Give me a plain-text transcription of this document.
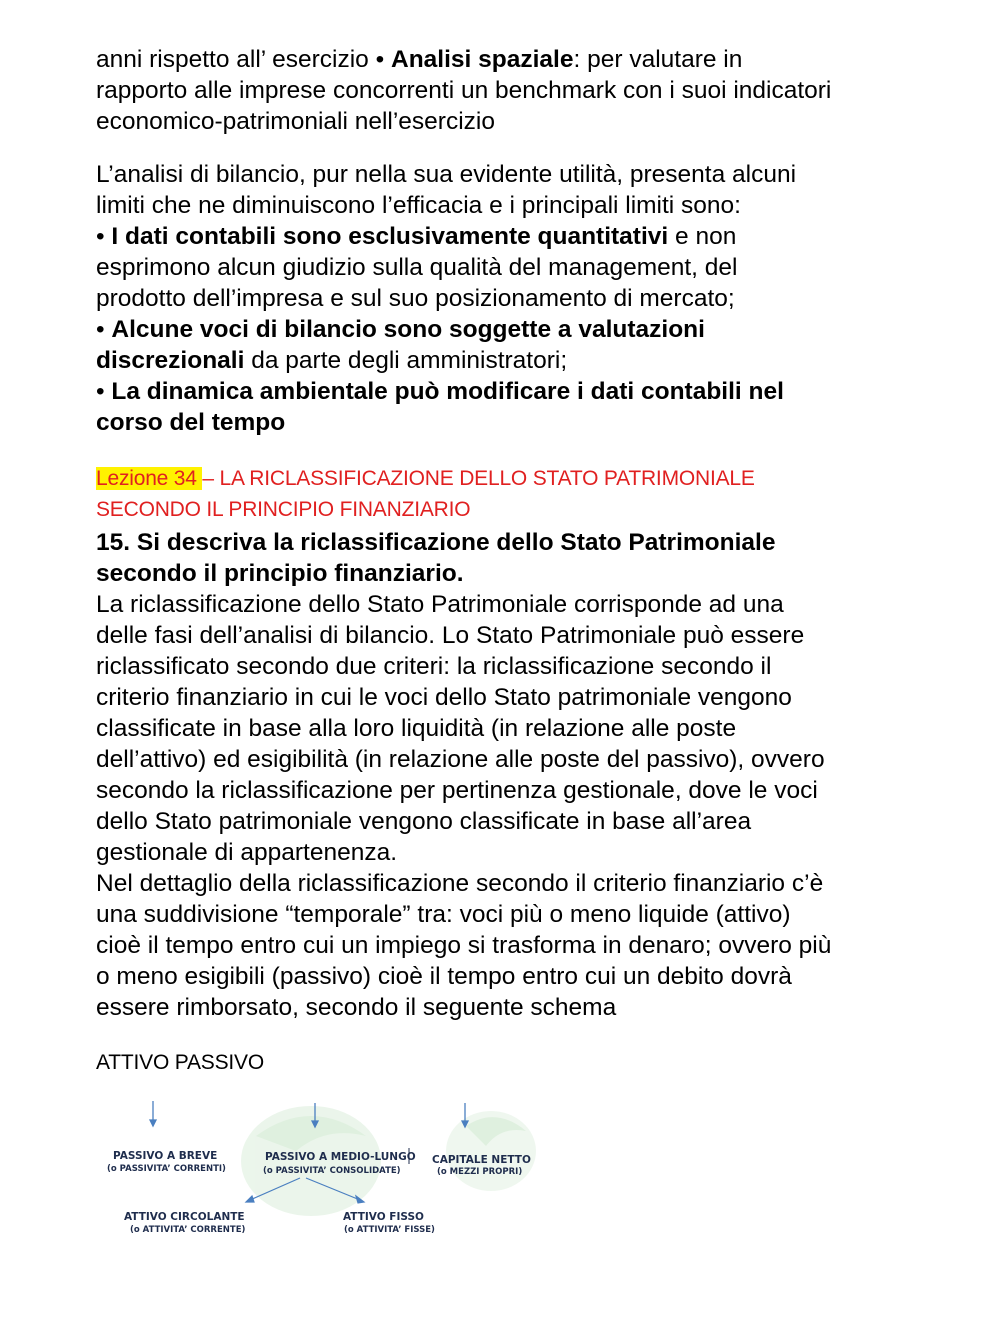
anni rispetto all’ esercizio • Analisi spaziale: per valutare in
rapporto alle imprese concorrenti un benchmark con i suoi indicatori
economico-patrimoniali nell’esercizio
L’analisi di bilancio, pur nella sua evidente utilità, presenta alcuni
limiti che ne diminuiscono l’efficacia e i principali limiti sono:
• I dati contabili sono esclusivamente quantitativi e non
esprimono alcun giudizio sulla qualità del management, del
prodotto dell’impresa e sul suo posizionamento di mercato;
• Alcune voci di bilancio sono soggette a valutazioni
discrezionali da parte degli amministratori;
• La dinamica ambientale può modificare i dati contabili nel
corso del tempo
Lezione 34 – LA RICLASSIFICAZIONE DELLO STATO PATRIMONIALE
SECONDO IL PRINCIPIO FINANZIARIO
15. Si descriva la riclassificazione dello Stato Patrimoniale
secondo il principio finanziario.
La riclassificazione dello Stato Patrimoniale corrisponde ad una
delle fasi dell’analisi di bilancio. Lo Stato Patrimoniale può essere
riclassificato secondo due criteri: la riclassificazione secondo il
criterio finanziario in cui le voci dello Stato patrimoniale vengono
classificate in base alla loro liquidità (in relazione alle poste
dell’attivo) ed esigibilità (in relazione alle poste del passivo), ovvero
secondo la riclassificazione per pertinenza gestionale, dove le voci
dello Stato patrimoniale vengono classificate in base all’area
gestionale di appartenenza.
Nel dettaglio della riclassificazione secondo il criterio finanziario c’è
una suddivisione “temporale” tra: voci più o meno liquide (attivo)
cioè il tempo entro cui un impiego si trasforma in denaro; ovvero più
o meno esigibili (passivo) cioè il tempo entro cui un debito dovrà
essere rimborsato, secondo il seguente schema
ATTIVO PASSIVO
PASSIVO A BREVE
(o PASSIVITA’ CORRENTI)
PASSIVO A MEDIO-LUNGO
(o PASSIVITA’ CONSOLIDATE)
CAPITALE NETTO
(o MEZZI PROPRI)
ATTIVO CIRCOLANTE
(o ATTIVITA’ CORRENTE)
ATTIVO FISSO
(o ATTIVITA’ FISSE)
